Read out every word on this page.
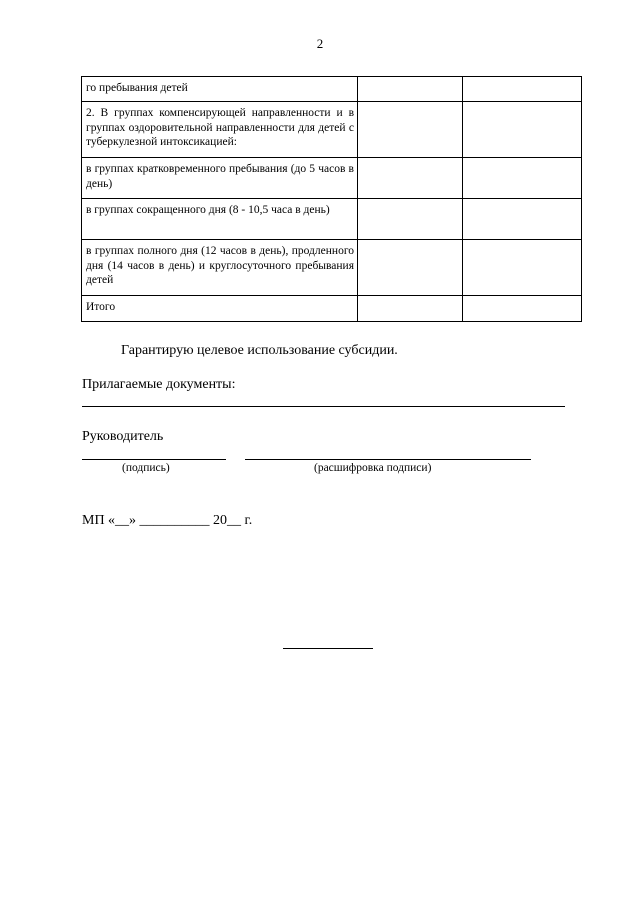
2
го пребывания детей		
2. В группах компенсирующей направленности и в группах оздоровительной направленности для детей с туберкулезной интоксикацией:		
в группах кратковременного пребывания (до 5 часов в день)		
в группах сокращенного дня (8 - 10,5 часа в день)		
в группах полного дня (12 часов в день), продленного дня (14 часов в день) и круглосуточного пребывания детей		
Итого		
Гарантирую целевое использование субсидии.
Прилагаемые документы:
Руководитель
(подпись)	(расшифровка подписи)
МП «__» __________ 20__ г.
